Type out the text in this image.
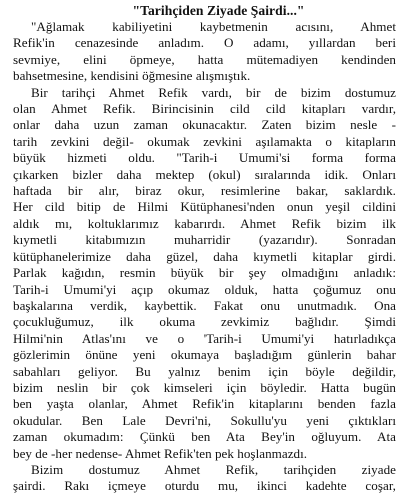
"Tarihçiden Ziyade Şairdi..."
"Ağlamak kabiliyetini kaybetmenin acısını, Ahmet
Refik'in cenazesinde anladım. O adamı, yıllardan beri
sevmiye, elini öpmeye, hatta mütemadiyen kendinden
bahsetmesine, kendisini öğmesine alışmıştık.
Bir tarihçi Ahmet Refik vardı, bir de bizim dostumuz
olan Ahmet Refik. Birincisinin cild cild kitapları vardır,
onlar daha uzun zaman okunacaktır. Zaten bizim nesle -
tarih zevkini değil- okumak zevkini aşılamakta o kitapların
büyük hizmeti oldu. "Tarih-i Umumi'si forma forma
çıkarken bizler daha mektep (okul) sıralarında idik. Onları
haftada bir alır, biraz okur, resimlerine bakar, saklardık.
Her cild bitip de Hilmi Kütüphanesi'nden onun yeşil cildini
aldık mı, koltuklarımız kabarırdı. Ahmet Refik bizim ilk
kıymetli kitabımızın muharridir (yazarıdır). Sonradan
kütüphanelerimize daha güzel, daha kıymetli kitaplar girdi.
Parlak kağıdın, resmin büyük bir şey olmadığını anladık:
Tarih-i Umumi'yi açıp okumaz olduk, hatta çoğumuz onu
başkalarına verdik, kaybettik. Fakat onu unutmadık. Ona
çocukluğumuz, ilk okuma zevkimiz bağlıdır. Şimdi
Hilmi'nin Atlas'ını ve o 'Tarih-i Umumi'yi hatırladıkça
gözlerimin önüne yeni okumaya başladığım günlerin bahar
sabahları geliyor. Bu yalnız benim için böyle değildir,
bizim neslin bir çok kimseleri için böyledir. Hatta bugün
ben yaşta olanlar, Ahmet Refik'in kitaplarını benden fazla
okudular. Ben Lale Devri'ni, Sokullu'yu yeni çıktıkları
zaman okumadım: Çünkü ben Ata Bey'in oğluyum. Ata
bey de -her nedense- Ahmet Refik'ten pek hoşlanmazdı.
Bizim dostumuz Ahmet Refik, tarihçiden ziyade
şairdi. Rakı içmeye oturdu mu, ikinci kadehte coşar,
